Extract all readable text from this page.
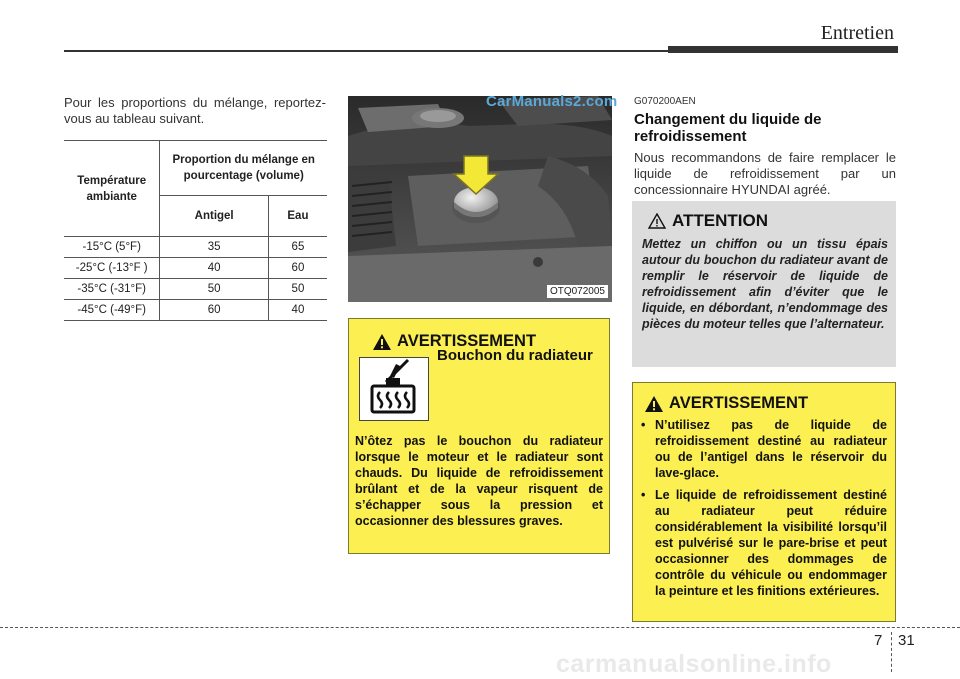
Entretien
Pour les proportions du mélange, reportez-vous au tableau suivant.
Température ambiante	Proportion du mélange en pourcentage (volume)	
	Antigel	Eau
-15°C (5°F)	35	65
-25°C (-13°F )	40	60
-35°C (-31°F)	50	50
-45°C (-49°F)	60	40
OTQ072005
CarManuals2.com
AVERTISSEMENT
Bouchon du radiateur
N’ôtez pas le bouchon du radiateur lorsque le moteur et le radiateur sont chauds. Du liquide de refroidissement brûlant et de la vapeur risquent de s’échapper sous la pression et occasionner des blessures graves.
G070200AEN
Changement du liquide de refroidissement
Nous recommandons de faire remplacer le liquide de refroidissement par un concessionnaire HYUNDAI agréé.
ATTENTION
Mettez un chiffon ou un tissu épais autour du bouchon du radiateur avant de remplir le réservoir de liquide de refroidissement afin d’éviter que le liquide, en débordant, n’endommage des pièces du moteur telles que l’alternateur.
AVERTISSEMENT
• N’utilisez pas de liquide de refroidissement destiné au radiateur ou de l’antigel dans le réservoir du lave-glace.
• Le liquide de refroidissement destiné au radiateur peut réduire considérablement la visibilité lorsqu’il est pulvérisé sur le pare-brise et peut occasionner des dommages de contrôle du véhicule ou endommager la peinture et les finitions extérieures.
7 31
carmanualsonline.info
